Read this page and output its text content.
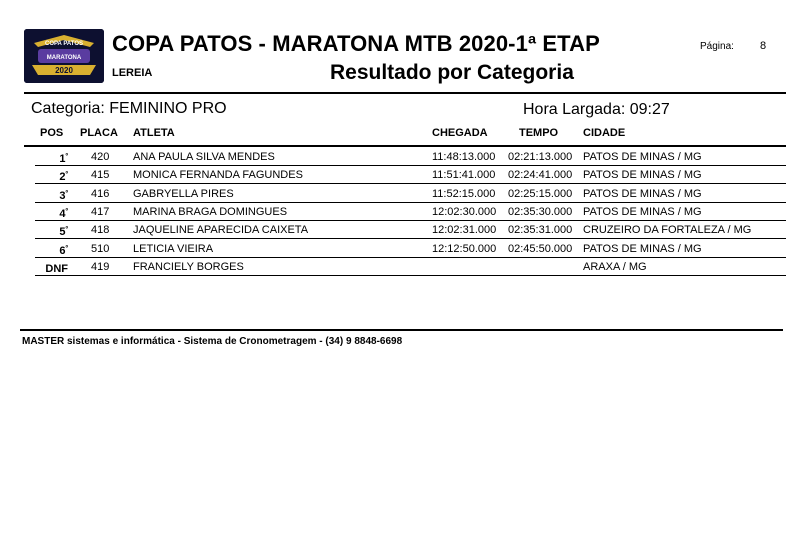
COPA PATOS
MARATONA
2020
COPA PATOS - MARATONA MTB 2020-1ª ETAP	Página: 8
LEREIA	Resultado por Categoria
Categoria: FEMININO PRO	Hora Largada: 09:27
POS PLACA ATLETA	CHEGADA	TEMPO CIDADE
$1^º$ 420 ANA PAULA SILVA MENDES	11:48:13.000 02:21:13.000 PATOS DE MINAS / MG
$2^º$ 415 MONICA FERNANDA FAGUNDES	11:51:41.000 02:24:41.000 PATOS DE MINAS / MG
$3^º$ 416 GABRYELLA PIRES	11:52:15.000 02:25:15.000 PATOS DE MINAS / MG
$4^º$ 417 MARINA BRAGA DOMINGUES	12:02:30.000 02:35:30.000 PATOS DE MINAS / MG
$5^º$ 418 JAQUELINE APARECIDA CAIXETA	12:02:31.000 02:35:31.000 CRUZEIRO DA FORTALEZA / MG
$6^º$ 510 LETICIA VIEIRA	12:12:50.000 02:45:50.000 PATOS DE MINAS / MG
DNF 419 FRANCIELY BORGES	ARAXA / MG
MASTER sistemas e informática - Sistema de Cronometragem - (34) 9 8848-6698
